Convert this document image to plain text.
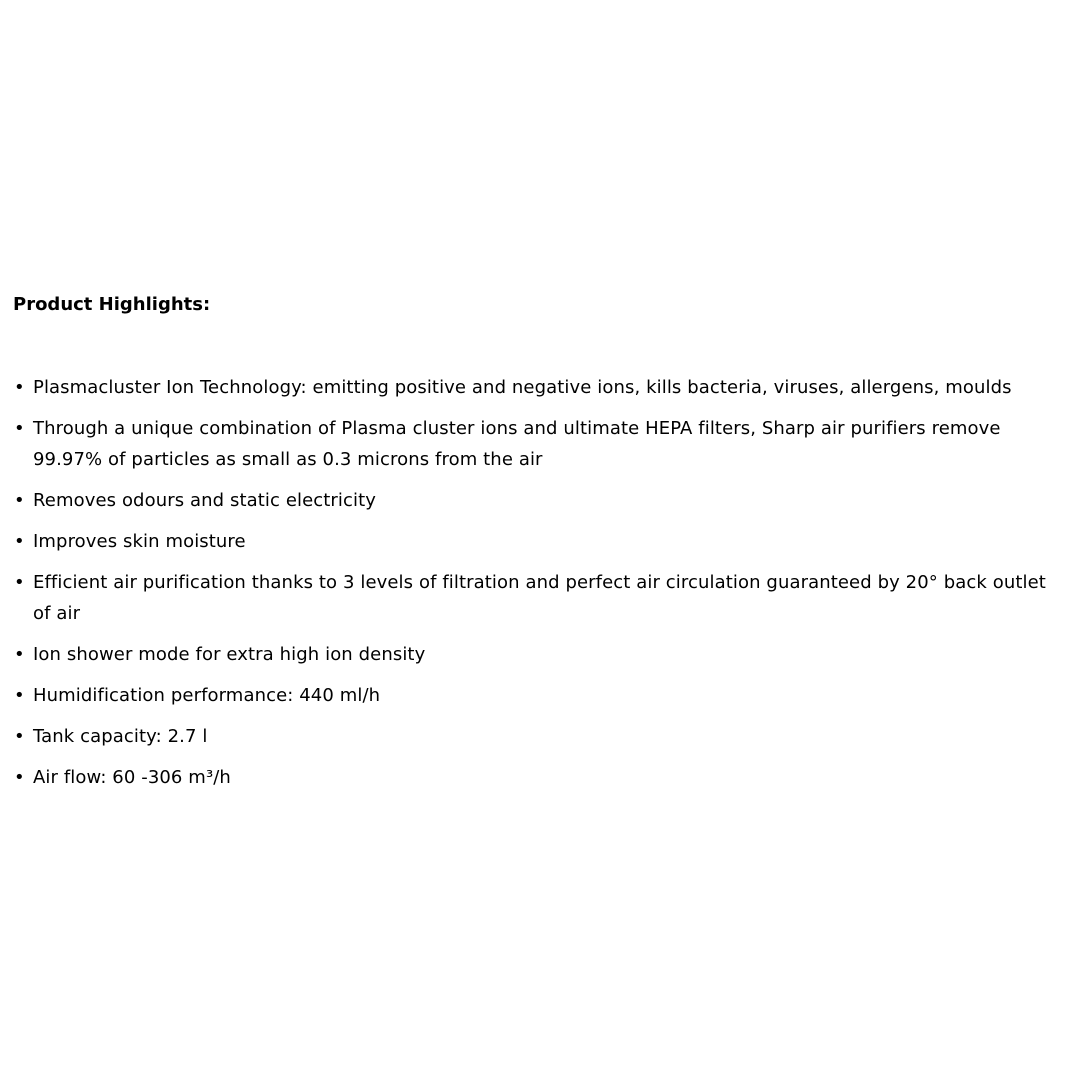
Product Highlights:
• Plasmacluster Ion Technology: emitting positive and negative ions, kills bacteria, viruses, allergens, moulds
• Through a unique combination of Plasma cluster ions and ultimate HEPA filters, Sharp air purifiers remove 99.97% of particles as small as 0.3 microns from the air
• Removes odours and static electricity
• Improves skin moisture
• Efficient air purification thanks to 3 levels of filtration and perfect air circulation guaranteed by 20° back outlet of air
• Ion shower mode for extra high ion density
• Humidification performance: 440 ml/h
• Tank capacity: 2.7 l
• Air flow: 60 -306 m³/h
